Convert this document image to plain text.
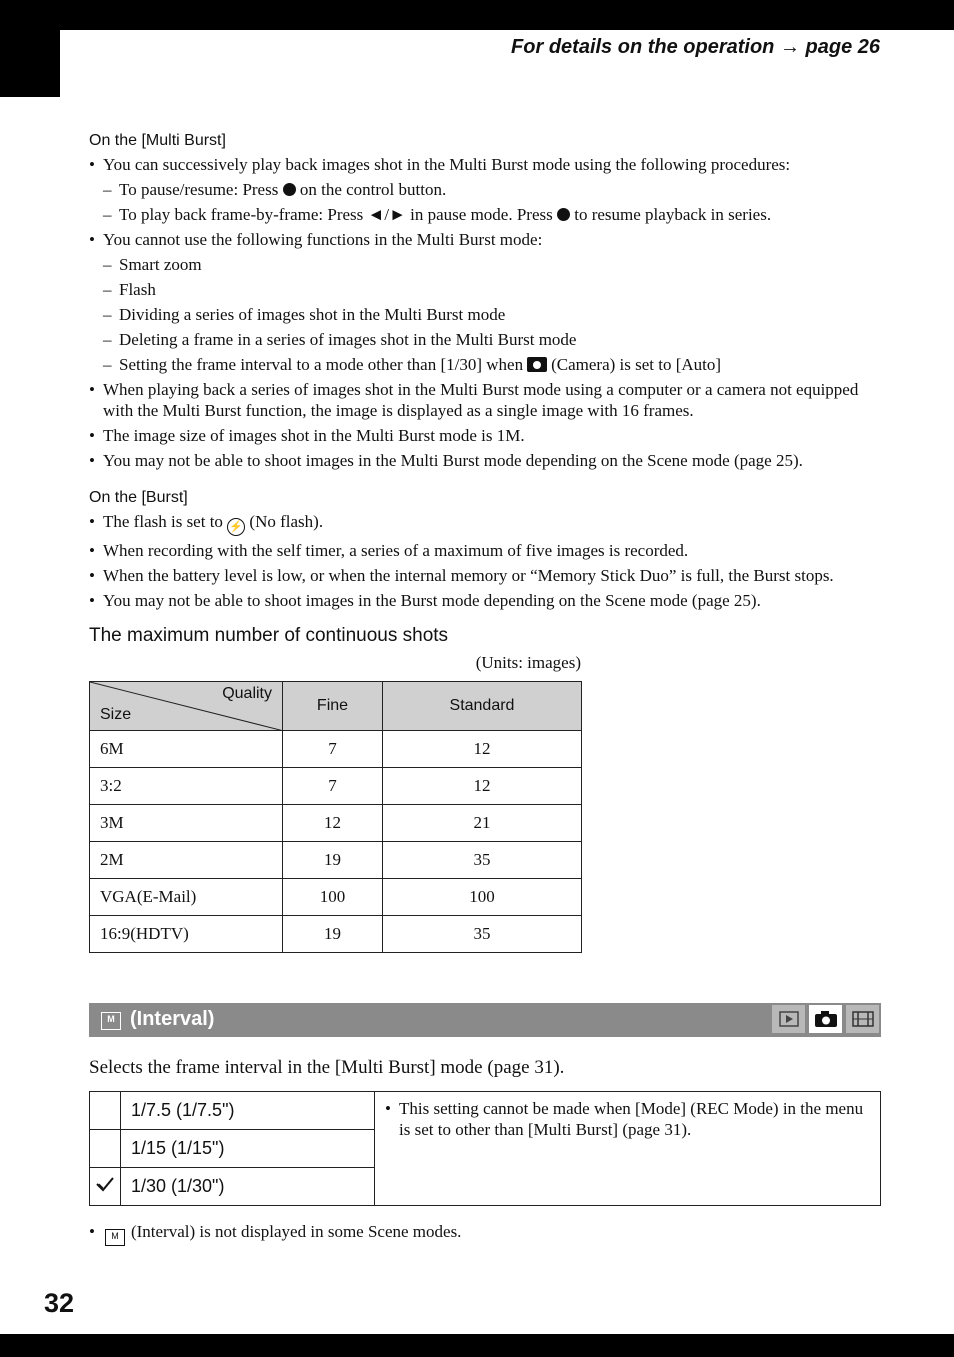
For details on the operation → page 26
On the [Multi Burst]
• You can successively play back images shot in the Multi Burst mode using the following procedures:
– To pause/resume: Press on the control button.
– To play back frame-by-frame: Press ◄/► in pause mode. Press to resume playback in series.
• You cannot use the following functions in the Multi Burst mode:
– Smart zoom
– Flash
– Dividing a series of images shot in the Multi Burst mode
– Deleting a frame in a series of images shot in the Multi Burst mode
– Setting the frame interval to a mode other than [1/30] when (Camera) is set to [Auto]
• When playing back a series of images shot in the Multi Burst mode using a computer or a camera not equipped with the Multi Burst function, the image is displayed as a single image with 16 frames.
• The image size of images shot in the Multi Burst mode is 1M.
• You may not be able to shoot images in the Multi Burst mode depending on the Scene mode (page 25).
On the [Burst]
• The flash is set to ⚡ (No flash).
• When recording with the self timer, a series of a maximum of five images is recorded.
• When the battery level is low, or when the internal memory or “Memory Stick Duo” is full, the Burst stops.
• You may not be able to shoot images in the Burst mode depending on the Scene mode (page 25).
The maximum number of continuous shots
(Units: images)
Quality
Size	Fine	Standard
6M	7	12
3:2	7	12
3M	12	21
2M	19	35
VGA(E-Mail)	100	100
16:9(HDTV)	19	35
M (Interval)
Selects the frame interval in the [Multi Burst] mode (page 31).
	1/7.5 (1/7.5")	• This setting cannot be made when [Mode] (REC Mode) in the menu is set to other than [Multi Burst] (page 31).

	1/15 (1/15")	
	1/30 (1/30")	
• M (Interval) is not displayed in some Scene modes.
32
